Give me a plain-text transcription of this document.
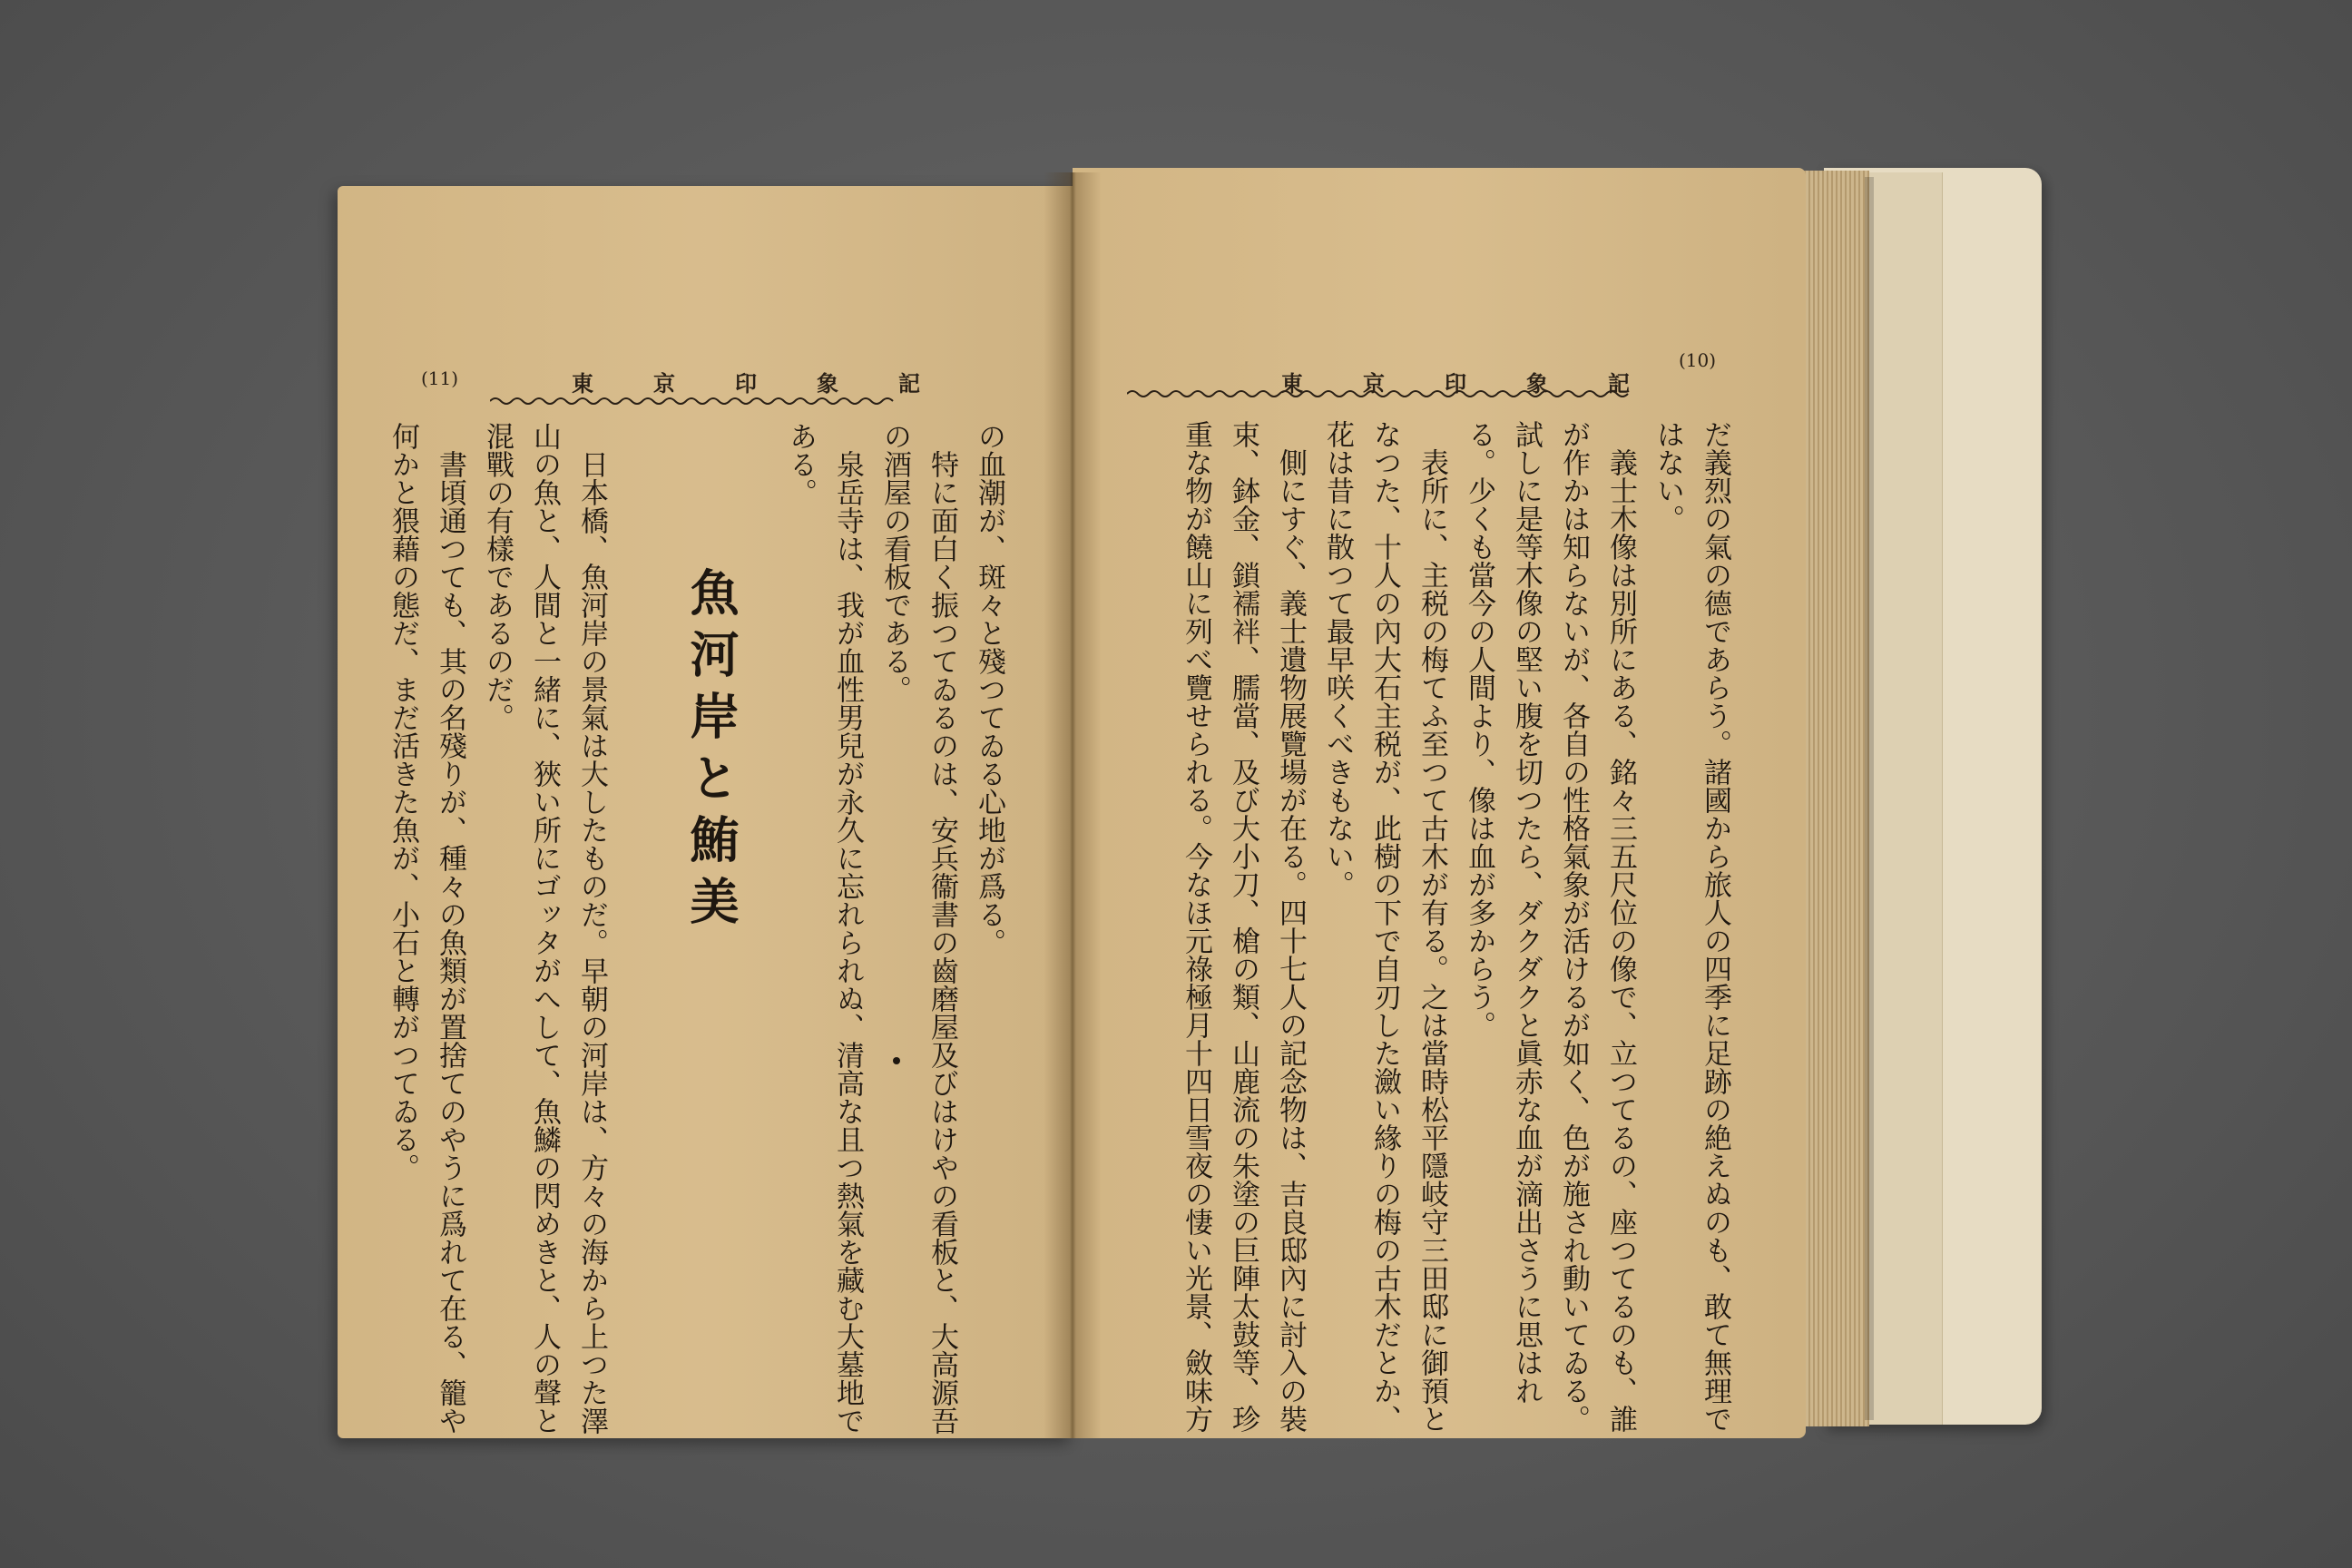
(11)	東京印象記
の血潮が、斑々と殘つてゐる心地が爲る。
特に面白く振つてゐるのは、安兵衞書の齒磨屋及びはけやの看板と、大高源吾
の酒屋の看板である。
泉岳寺は、我が血性男兒が永久に忘れられぬ、清高な且つ熱氣を藏む大墓地で
ある。
魚河岸と鮪美
日本橋、魚河岸の景氣は大したものだ。早朝の河岸は、方々の海から上つた澤
山の魚と、人間と一緒に、狹い所にゴッタがへして、魚鱗の閃めきと、人の聲と
混戰の有樣であるのだ。
書頃通つても、其の名殘りが、種々の魚類が置捨てのやうに爲れて在る、籠や
何かと猥藉の態だ、まだ活きた魚が、小石と轉がつてゐる。
東京印象記
(10)
だ義烈の氣の德であらう。諸國から旅人の四季に足跡の絶えぬのも、敢て無理で
はない。
義士木像は別所にある、銘々三五尺位の像で、立つてるの、座つてるのも、誰
が作かは知らないが、各自の性格氣象が活けるが如く、色が施され動いてゐる。
試しに是等木像の堅い腹を切つたら、ダクダクと眞赤な血が滴出さうに思はれ
る。少くも當今の人間より、像は血が多からう。
表所に、主税の梅てふ至つて古木が有る。之は當時松平隱岐守三田邸に御預と
なつた、十人の內大石主税が、此樹の下で自刃した瀲い緣りの梅の古木だとか、
花は昔に散つて最早咲くべきもない。
側にすぐ、義士遺物展覽場が在る。四十七人の記念物は、吉良邸內に討入の裝
束、鉢金、鎖襦袢、臑當、及び大小刀、槍の類、山鹿流の朱塗の巨陣太鼓等、珍
重な物が饒山に列べ覽せられる。今なほ元祿極月十四日雪夜の悽い光景、斂味方
